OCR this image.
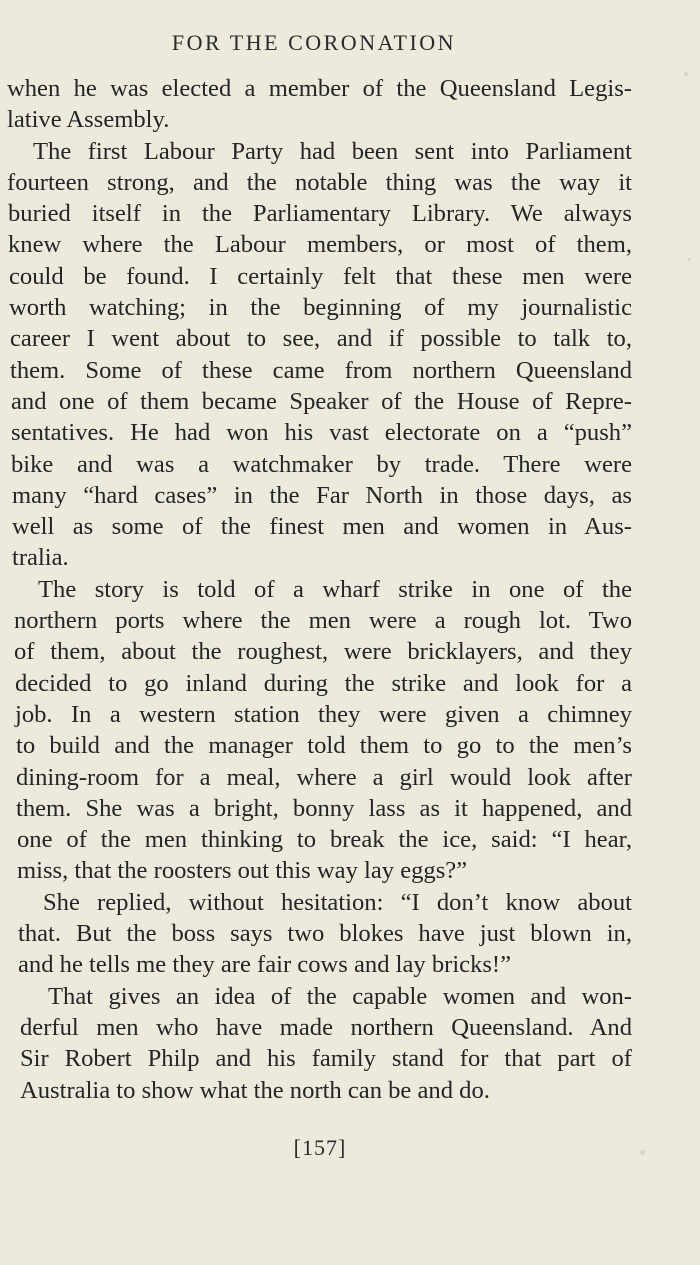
FOR THE CORONATION
when he was elected a member of the Queensland Legis-
lative Assembly.
The first Labour Party had been sent into Parliament
fourteen strong, and the notable thing was the way it
buried itself in the Parliamentary Library. We always
knew where the Labour members, or most of them,
could be found. I certainly felt that these men were
worth watching; in the beginning of my journalistic
career I went about to see, and if possible to talk to,
them. Some of these came from northern Queensland
and one of them became Speaker of the House of Repre-
sentatives. He had won his vast electorate on a “push”
bike and was a watchmaker by trade. There were
many “hard cases” in the Far North in those days, as
well as some of the finest men and women in Aus-
tralia.
The story is told of a wharf strike in one of the
northern ports where the men were a rough lot. Two
of them, about the roughest, were bricklayers, and they
decided to go inland during the strike and look for a
job. In a western station they were given a chimney
to build and the manager told them to go to the men’s
dining-room for a meal, where a girl would look after
them. She was a bright, bonny lass as it happened, and
one of the men thinking to break the ice, said: “I hear,
miss, that the roosters out this way lay eggs?”
She replied, without hesitation: “I don’t know about
that. But the boss says two blokes have just blown in,
and he tells me they are fair cows and lay bricks!”
That gives an idea of the capable women and won-
derful men who have made northern Queensland. And
Sir Robert Philp and his family stand for that part of
Australia to show what the north can be and do.
[157]
